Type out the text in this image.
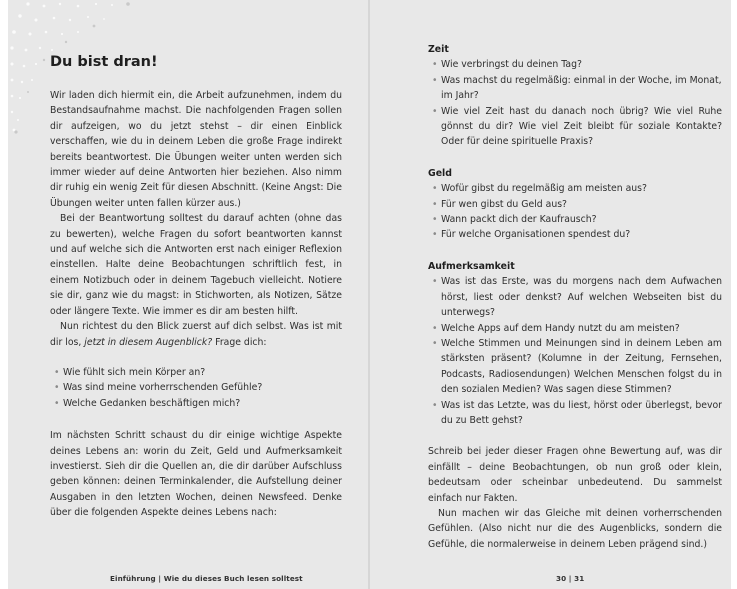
Du bist dran!

Wir laden dich hiermit ein, die Arbeit aufzunehmen, indem du Bestandsaufnahme machst. Die nachfolgenden Fragen sollen dir aufzeigen, wo du jetzt stehst – dir einen Einblick verschaffen, wie du in deinem Leben die große Frage indirekt bereits beantwortest. Die Übungen weiter unten werden sich immer wieder auf deine Antworten hier beziehen. Also nimm dir ruhig ein wenig Zeit für diesen Abschnitt. (Keine Angst: Die Übungen weiter unten fallen kürzer aus.)

Bei der Beantwortung solltest du darauf achten (ohne das zu bewerten), welche Fragen du sofort beantworten kannst und auf welche sich die Antworten erst nach einiger Reflexion einstellen. Halte deine Beobachtungen schriftlich fest, in einem Notizbuch oder in deinem Tagebuch vielleicht. Notiere sie dir, ganz wie du magst: in Stichworten, als Notizen, Sätze oder längere Texte. Wie immer es dir am besten hilft.

Nun richtest du den Blick zuerst auf dich selbst. Was ist mit dir los, jetzt in diesem Augenblick? Frage dich:

• Wie fühlt sich mein Körper an?
• Was sind meine vorherrschenden Gefühle?
• Welche Gedanken beschäftigen mich?

Im nächsten Schritt schaust du dir einige wichtige Aspekte deines Lebens an: worin du Zeit, Geld und Aufmerksamkeit investierst. Sieh dir die Quellen an, die dir darüber Aufschluss geben können: deinen Terminkalender, die Aufstellung deiner Ausgaben in den letzten Wochen, deinen Newsfeed. Denke über die folgenden Aspekte deines Lebens nach:

Zeit
• Wie verbringst du deinen Tag?
• Was machst du regelmäßig: einmal in der Woche, im Monat, im Jahr?
• Wie viel Zeit hast du danach noch übrig? Wie viel Ruhe gönnst du dir? Wie viel Zeit bleibt für soziale Kontakte? Oder für deine spirituelle Praxis?
Geld
• Wofür gibst du regelmäßig am meisten aus?
• Für wen gibst du Geld aus?
• Wann packt dich der Kaufrausch?
• Für welche Organisationen spendest du?
Aufmerksamkeit
• Was ist das Erste, was du morgens nach dem Aufwachen hörst, liest oder denkst? Auf welchen Webseiten bist du unterwegs?
• Welche Apps auf dem Handy nutzt du am meisten?
• Welche Stimmen und Meinungen sind in deinem Leben am stärksten präsent? (Kolumne in der Zeitung, Fernsehen, Podcasts, Radiosendungen) Welchen Menschen folgst du in den sozialen Medien? Was sagen diese Stimmen?
• Was ist das Letzte, was du liest, hörst oder überlegst, bevor du zu Bett gehst?

Schreib bei jeder dieser Fragen ohne Bewertung auf, was dir einfällt – deine Beobachtungen, ob nun groß oder klein, bedeutsam oder scheinbar unbedeutend. Du sammelst einfach nur Fakten.

Nun machen wir das Gleiche mit deinen vorherrschenden Gefühlen. (Also nicht nur die des Augenblicks, sondern die Gefühle, die normalerweise in deinem Leben prägend sind.)

Einführung | Wie du dieses Buch lesen solltest	30 | 31
